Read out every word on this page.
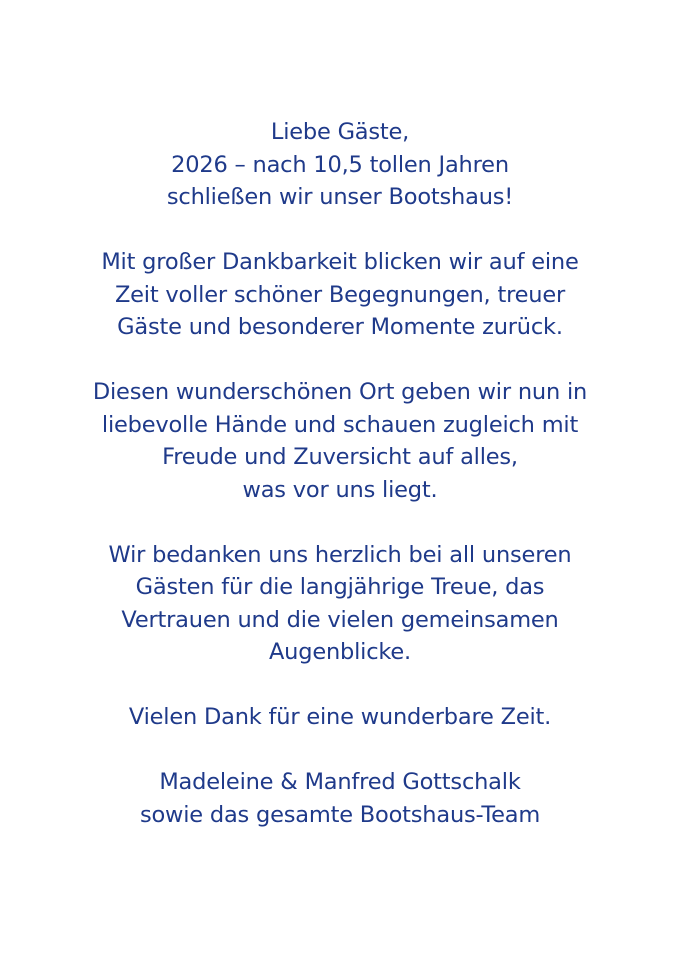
Liebe Gäste,
2026 – nach 10,5 tollen Jahren
schließen wir unser Bootshaus!

Mit großer Dankbarkeit blicken wir auf eine
Zeit voller schöner Begegnungen, treuer
Gäste und besonderer Momente zurück.

Diesen wunderschönen Ort geben wir nun in
liebevolle Hände und schauen zugleich mit
Freude und Zuversicht auf alles,
was vor uns liegt.

Wir bedanken uns herzlich bei all unseren
Gästen für die langjährige Treue, das
Vertrauen und die vielen gemeinsamen
Augenblicke.

Vielen Dank für eine wunderbare Zeit.

Madeleine & Manfred Gottschalk
sowie das gesamte Bootshaus-Team
